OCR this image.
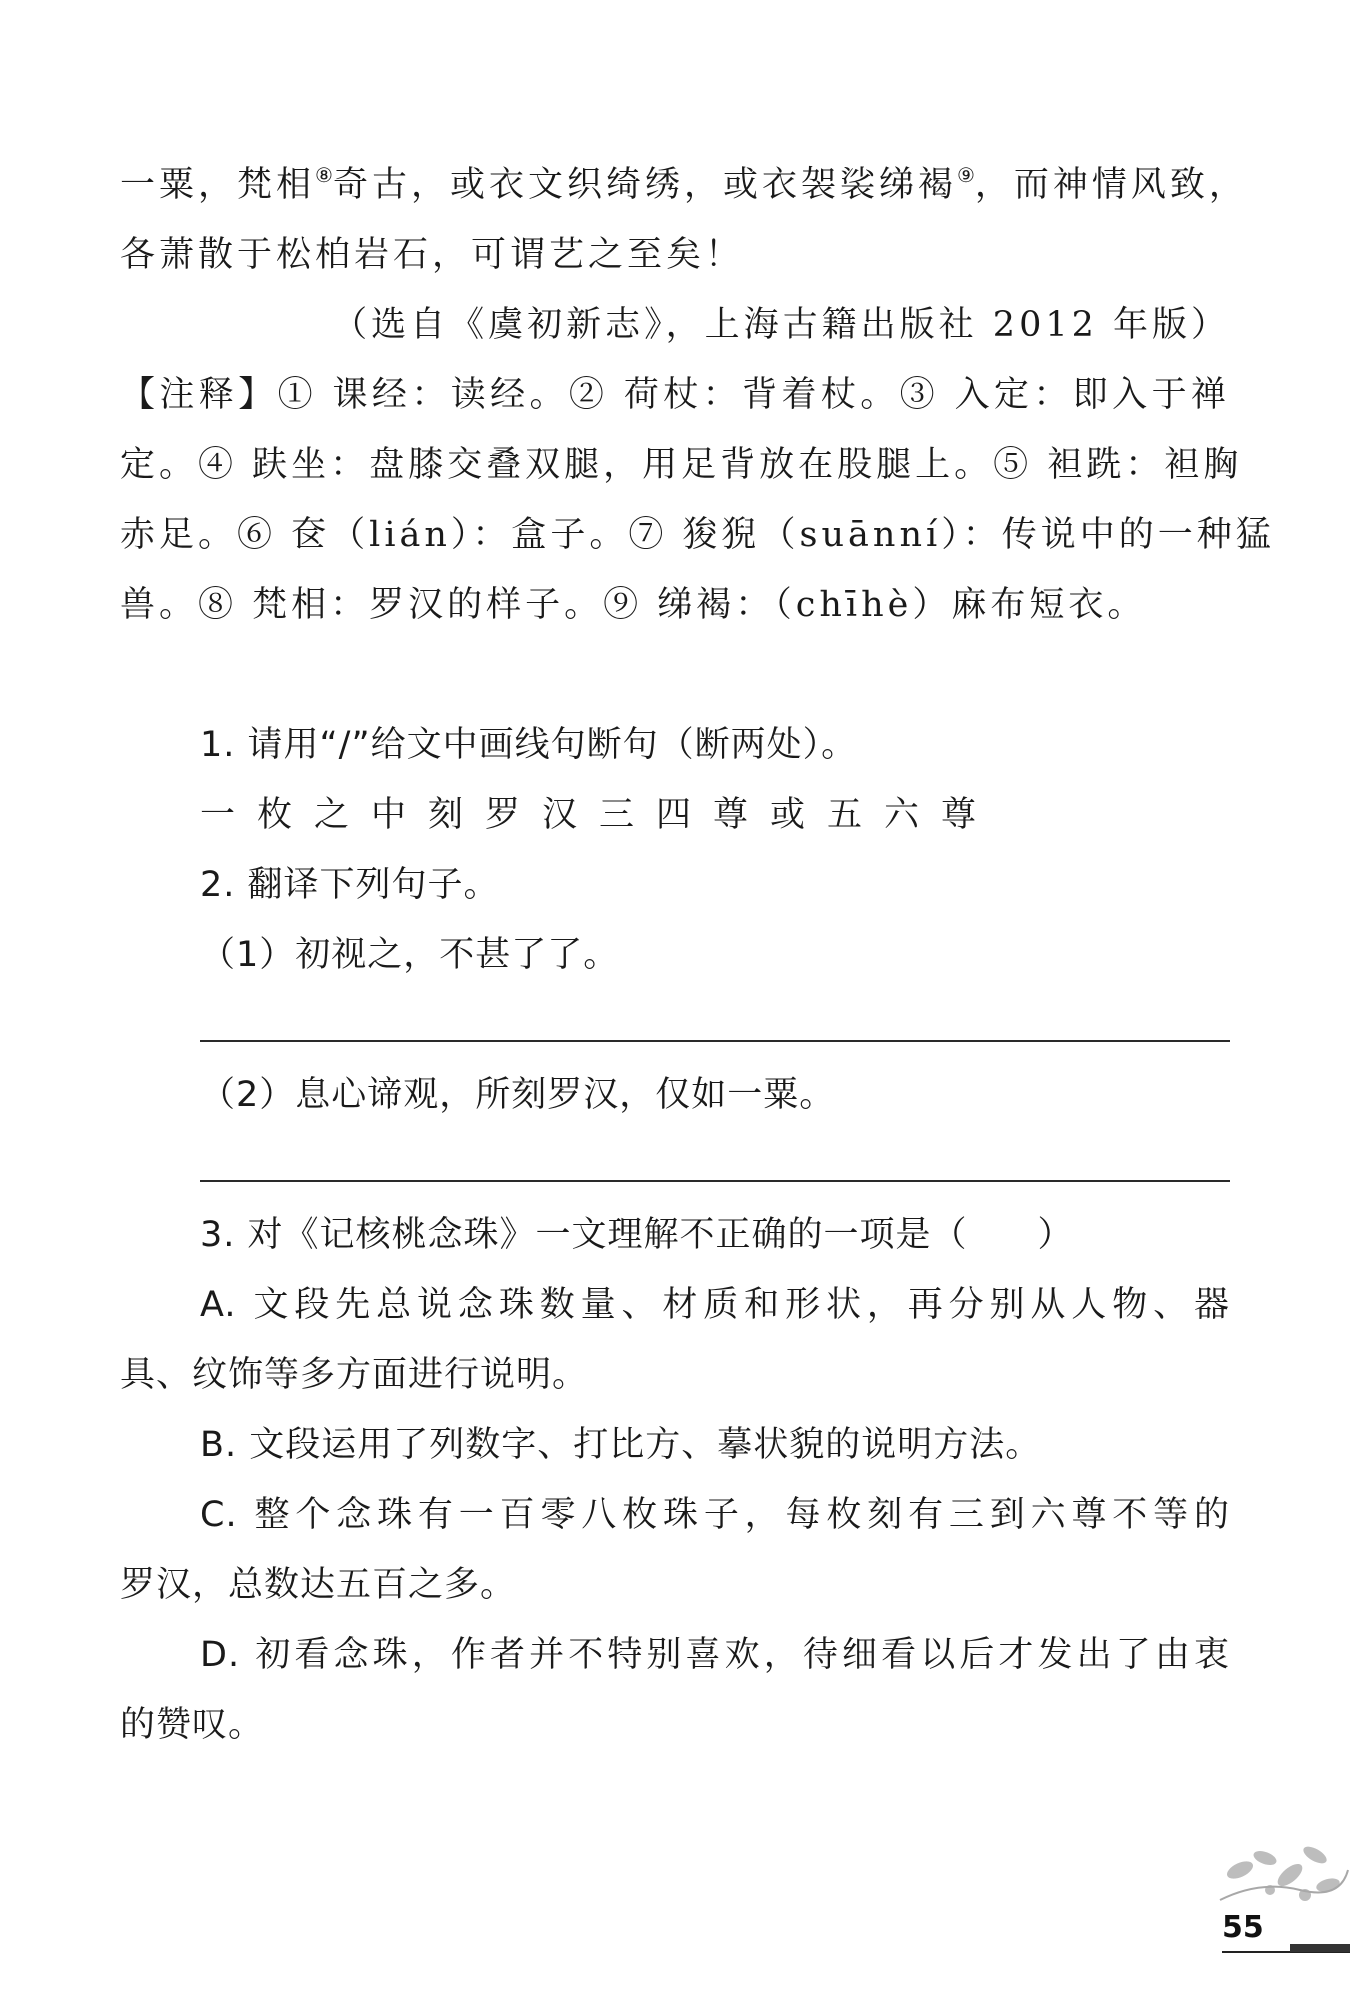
一粟，梵相⑧奇古，或衣文织绮绣，或衣袈裟绨褐⑨，而神情风致，
各萧散于松柏岩石，可谓艺之至矣！
（选自《虞初新志》，上海古籍出版社 2012 年版）
【注释】① 课经：读经。② 荷杖：背着杖。③ 入定：即入于禅
定。④ 趺坐：盘膝交叠双腿，用足背放在股腿上。⑤ 袒跣：袒胸
赤足。⑥ 奁（lián）：盒子。⑦ 狻猊（suānní）：传说中的一种猛
兽。⑧ 梵相：罗汉的样子。⑨ 绨褐：（chīhè）麻布短衣。
1. 请用“/”给文中画线句断句（断两处）。
一枚之中刻罗汉三四尊或五六尊
2. 翻译下列句子。
（1）初视之，不甚了了。
（2）息心谛观，所刻罗汉，仅如一粟。
3. 对《记核桃念珠》一文理解不正确的一项是（ ）
A. 文段先总说念珠数量、材质和形状，再分别从人物、器
具、纹饰等多方面进行说明。
B. 文段运用了列数字、打比方、摹状貌的说明方法。
C. 整个念珠有一百零八枚珠子，每枚刻有三到六尊不等的
罗汉，总数达五百之多。
D. 初看念珠，作者并不特别喜欢，待细看以后才发出了由衷
的赞叹。
55
